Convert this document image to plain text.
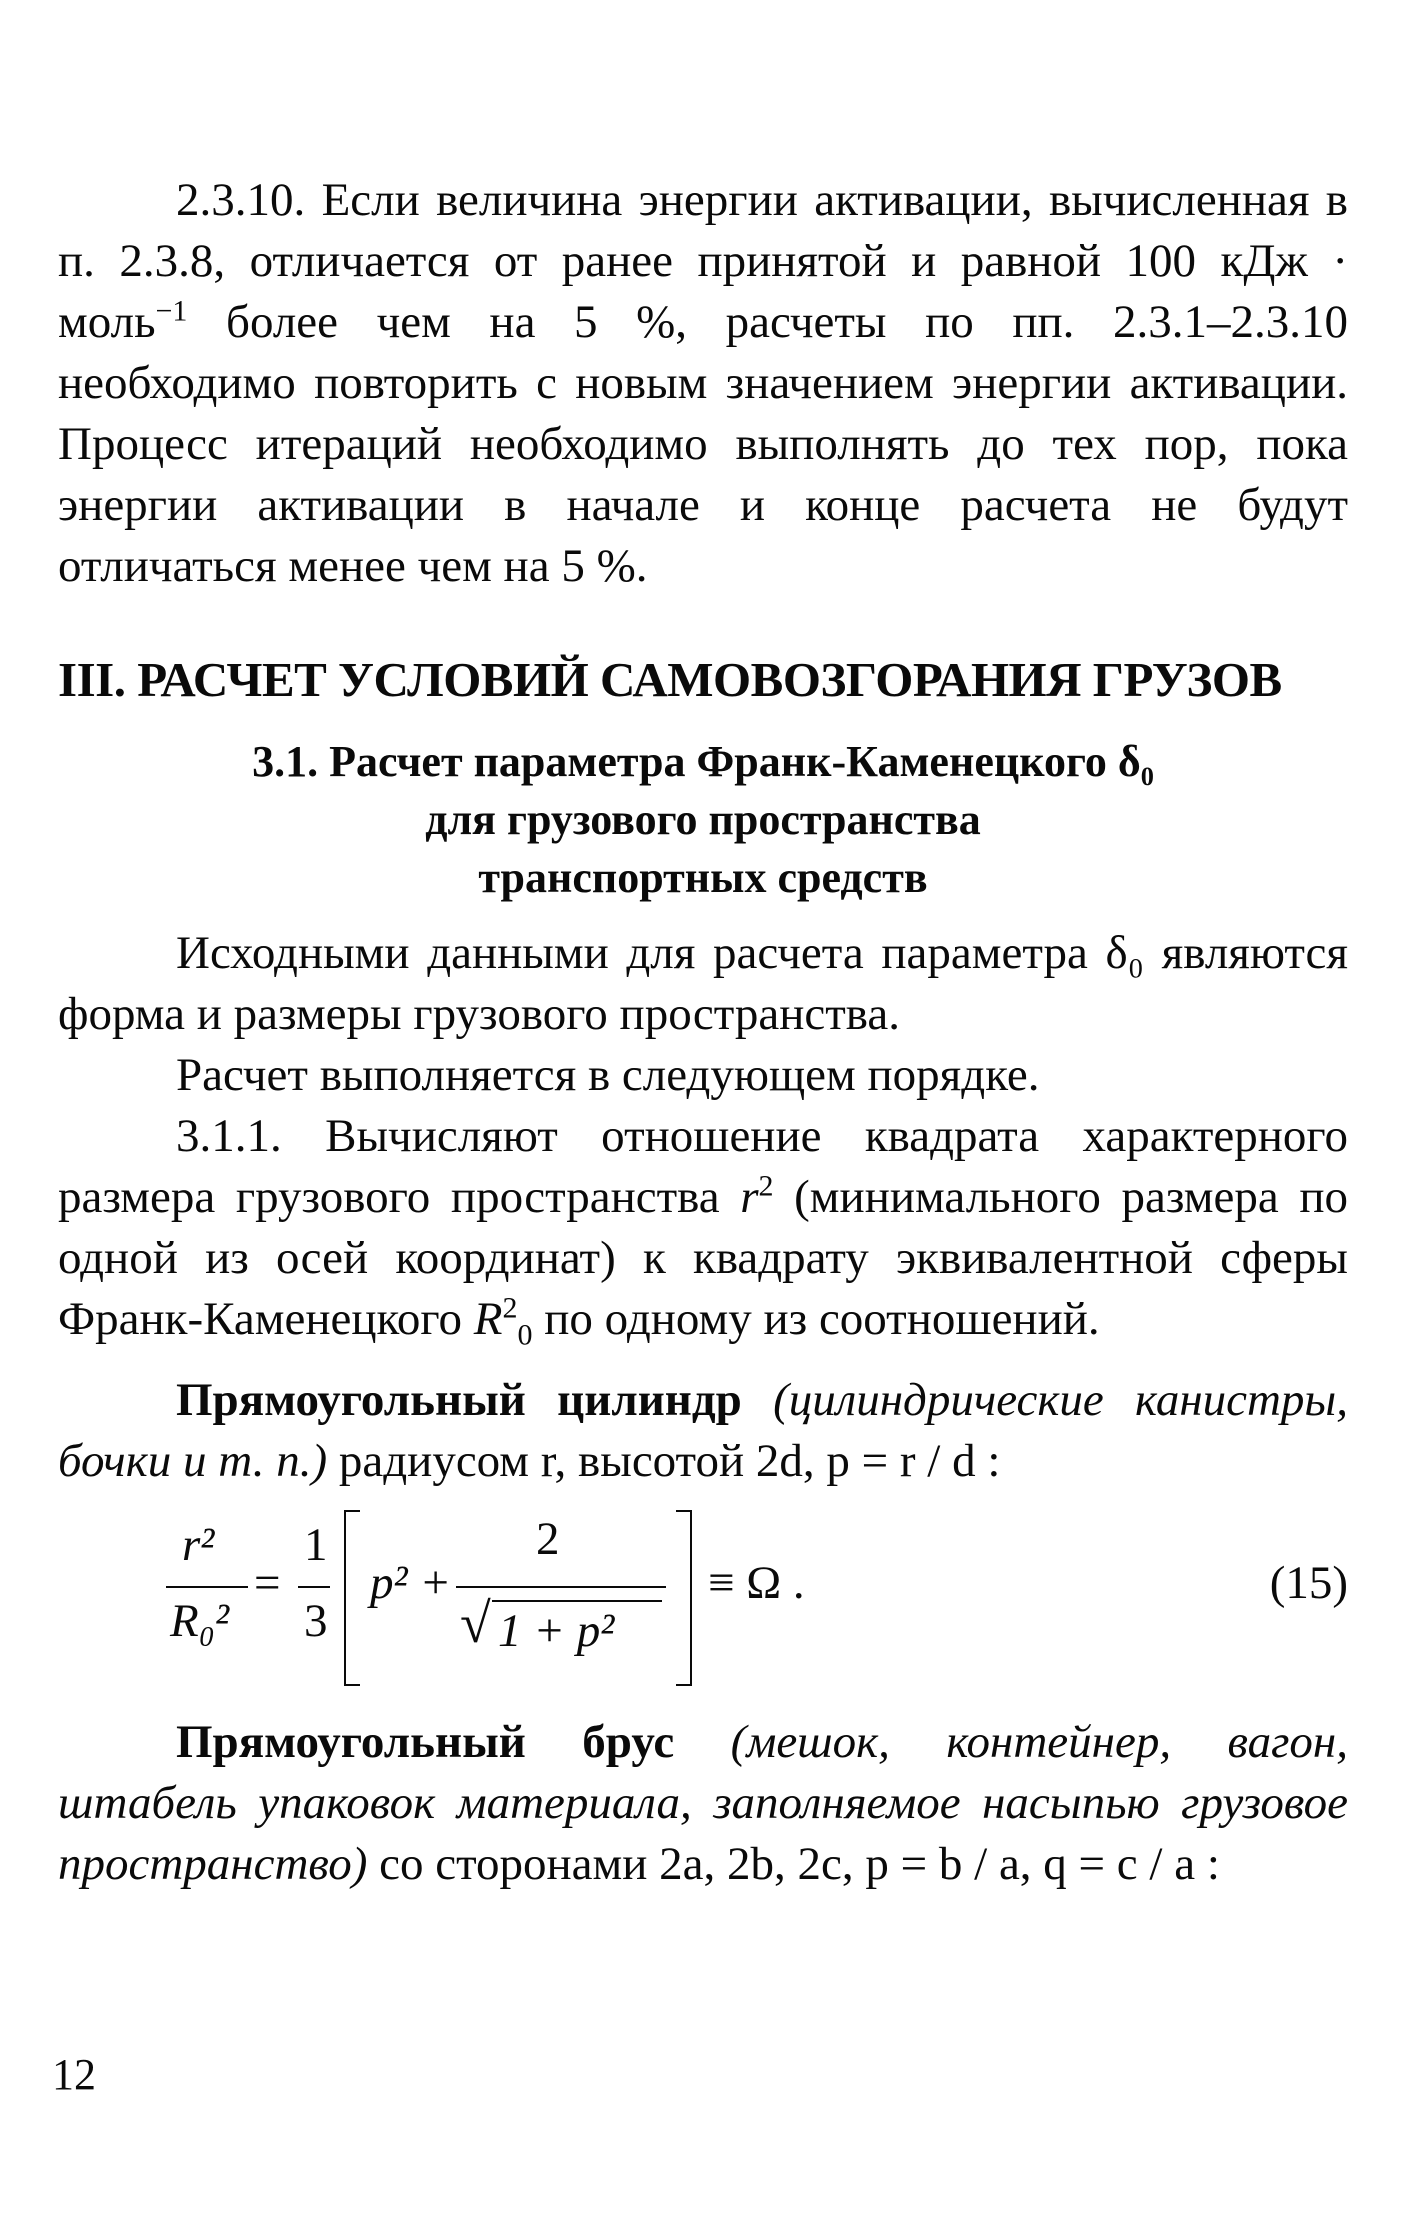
2.3.10. Если величина энергии активации, вычисленная в п. 2.3.8, отличается от ранее принятой и равной 100 кДж · моль$^{-1}$ более чем на 5 %, расчеты по пп. 2.3.1–2.3.10 необходимо повторить с новым значением энергии активации. Процесс итераций необходимо выполнять до тех пор, пока энергии активации в начале и конце расчета не будут отличаться менее чем на 5 %.

III. РАСЧЕТ УСЛОВИЙ САМОВОЗГОРАНИЯ ГРУЗОВ
3.1. Расчет параметра Франк-Каменецкого δ₀
для грузового пространства
транспортных средств

Исходными данными для расчета параметра δ₀ являются форма и размеры грузового пространства.

Расчет выполняется в следующем порядке.

3.1.1. Вычисляют отношение квадрата характерного размера грузового пространства $r^2$ (минимального размера по одной из осей координат) к квадрату эквивалентной сферы Франк-Каменецкого $R^2_0$ по одному из соотношений.

Прямоугольный цилиндр (цилиндрические канистры, бочки и т. п.) радиусом r, высотой 2d, p = r / d :

r²
R₀²
=
1
3
p² +
2
√ 1 + p²
≡ Ω .	(15)

Прямоугольный брус (мешок, контейнер, вагон, штабель упаковок материала, заполняемое насыпью грузовое пространство) со сторонами 2a, 2b, 2c, p = b / a, q = c / a :

12
